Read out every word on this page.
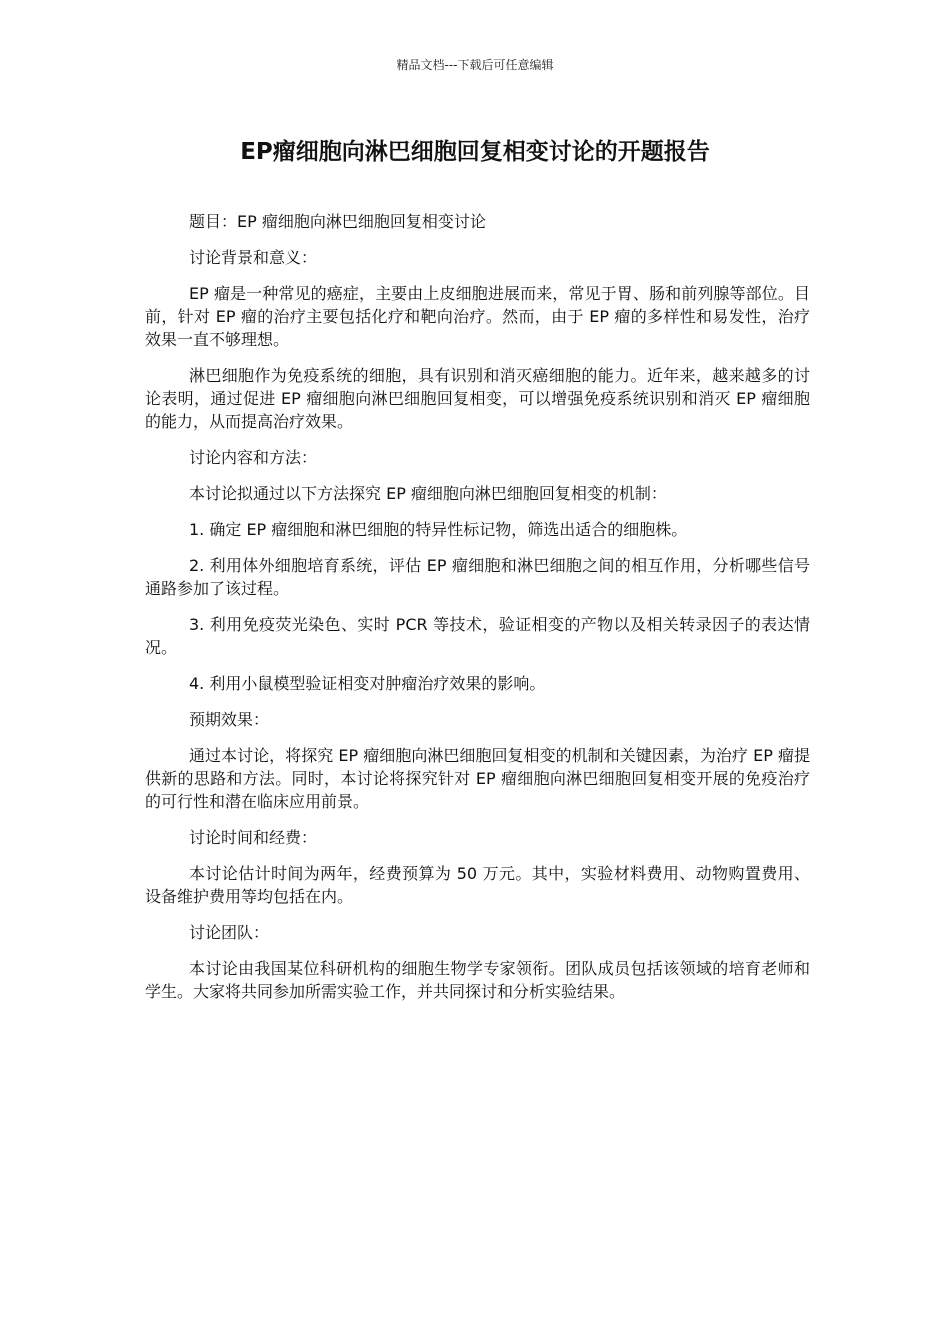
精品文档---下载后可任意编辑
EP瘤细胞向淋巴细胞回复相变讨论的开题报告

题目：EP 瘤细胞向淋巴细胞回复相变讨论

讨论背景和意义：

EP 瘤是一种常见的癌症，主要由上皮细胞进展而来，常见于胃、肠和前列腺等部位。目前，针对 EP 瘤的治疗主要包括化疗和靶向治疗。然而，由于 EP 瘤的多样性和易发性，治疗效果一直不够理想。

淋巴细胞作为免疫系统的细胞，具有识别和消灭癌细胞的能力。近年来，越来越多的讨论表明，通过促进 EP 瘤细胞向淋巴细胞回复相变，可以增强免疫系统识别和消灭 EP 瘤细胞的能力，从而提高治疗效果。

讨论内容和方法：

本讨论拟通过以下方法探究 EP 瘤细胞向淋巴细胞回复相变的机制：

1. 确定 EP 瘤细胞和淋巴细胞的特异性标记物，筛选出适合的细胞株。

2. 利用体外细胞培育系统，评估 EP 瘤细胞和淋巴细胞之间的相互作用，分析哪些信号通路参加了该过程。

3. 利用免疫荧光染色、实时 PCR 等技术，验证相变的产物以及相关转录因子的表达情况。

4. 利用小鼠模型验证相变对肿瘤治疗效果的影响。

预期效果：

通过本讨论，将探究 EP 瘤细胞向淋巴细胞回复相变的机制和关键因素，为治疗 EP 瘤提供新的思路和方法。同时，本讨论将探究针对 EP 瘤细胞向淋巴细胞回复相变开展的免疫治疗的可行性和潜在临床应用前景。

讨论时间和经费：

本讨论估计时间为两年，经费预算为 50 万元。其中，实验材料费用、动物购置费用、设备维护费用等均包括在内。

讨论团队：

本讨论由我国某位科研机构的细胞生物学专家领衔。团队成员包括该领域的培育老师和学生。大家将共同参加所需实验工作，并共同探讨和分析实验结果。
